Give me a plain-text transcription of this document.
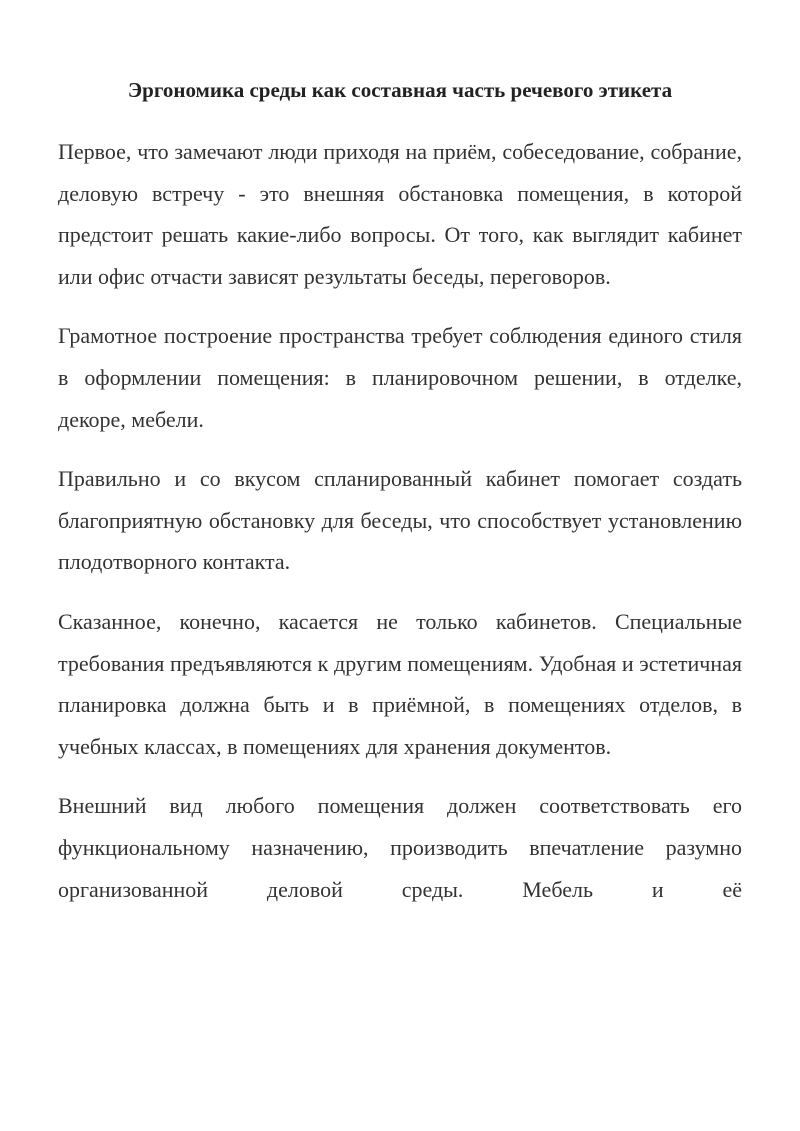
Эргономика среды как составная часть речевого этикета

Первое, что замечают люди приходя на приём, собеседование, собрание, деловую встречу - это внешняя обстановка помещения, в которой предстоит решать какие-либо вопросы. От того, как выглядит кабинет или офис отчасти зависят результаты беседы, переговоров.

Грамотное построение пространства требует соблюдения единого стиля в оформлении помещения: в планировочном решении, в отделке, декоре, мебели.

Правильно и со вкусом спланированный кабинет помогает создать благоприятную обстановку для беседы, что способствует установлению плодотворного контакта.

Сказанное, конечно, касается не только кабинетов. Специальные требования предъявляются к другим помещениям. Удобная и эстетичная планировка должна быть и в приёмной, в помещениях отделов, в учебных классах, в помещениях для хранения документов.

Внешний вид любого помещения должен соответствовать его функциональному назначению, производить впечатление разумно организованной деловой среды. Мебель и её
